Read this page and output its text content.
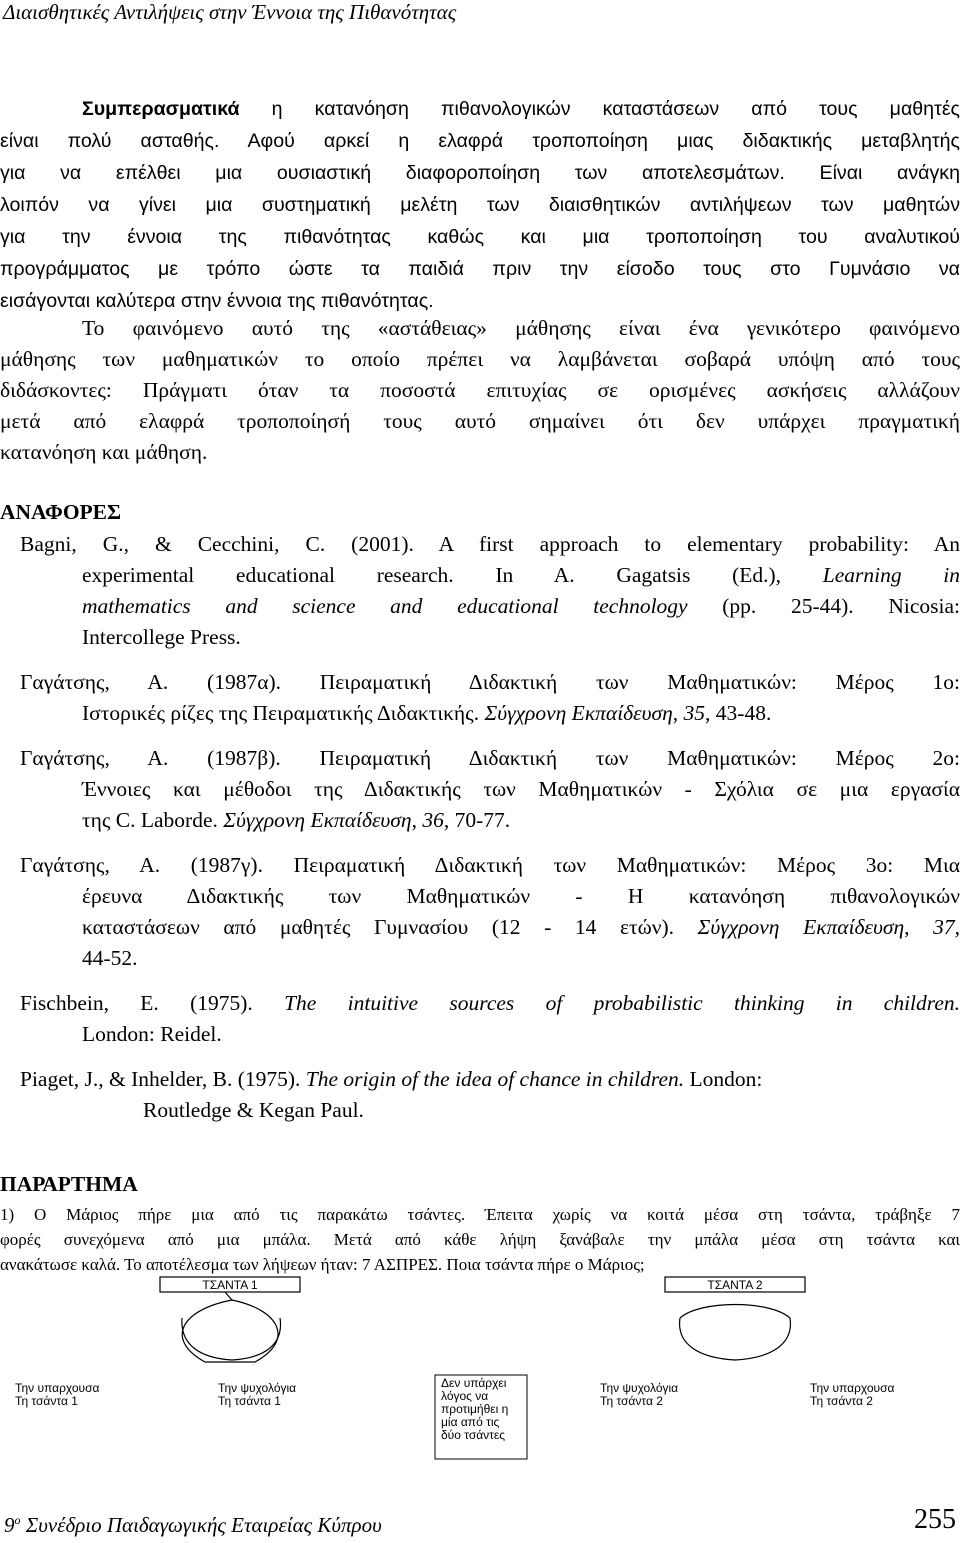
Διαισθητικές Αντιλήψεις στην Έννοια της Πιθανότητας
Συμπερασματικά η κατανόηση πιθανολογικών καταστάσεων από τους μαθητές
είναι πολύ ασταθής. Αφού αρκεί η ελαφρά τροποποίηση μιας διδακτικής μεταβλητής
για να επέλθει μια ουσιαστική διαφοροποίηση των αποτελεσμάτων. Είναι ανάγκη
λοιπόν να γίνει μια συστηματική μελέτη των διαισθητικών αντιλήψεων των μαθητών
για την έννοια της πιθανότητας καθώς και μια τροποποίηση του αναλυτικού
προγράμματος με τρόπο ώστε τα παιδιά πριν την είσοδο τους στο Γυμνάσιο να
εισάγονται καλύτερα στην έννοια της πιθανότητας.
Το φαινόμενο αυτό της «αστάθειας» μάθησης είναι ένα γενικότερο φαινόμενο
μάθησης των μαθηματικών το οποίο πρέπει να λαμβάνεται σοβαρά υπόψη από τους
διδάσκοντες: Πράγματι όταν τα ποσοστά επιτυχίας σε ορισμένες ασκήσεις αλλάζουν
μετά από ελαφρά τροποποίησή τους αυτό σημαίνει ότι δεν υπάρχει πραγματική
κατανόηση και μάθηση.
ΑΝΑΦΟΡΕΣ
Bagni, G., & Cecchini, C. (2001). A first approach to elementary probability: An
experimental educational research. In A. Gagatsis (Ed.), Learning in
mathematics and science and educational technology (pp. 25-44). Nicosia:
Intercollege Press.
Γαγάτσης, Α. (1987α). Πειραματική Διδακτική των Μαθηματικών: Μέρος 1ο:
Ιστορικές ρίζες της Πειραματικής Διδακτικής. Σύγχρονη Εκπαίδευση, 35, 43-48.
Γαγάτσης, Α. (1987β). Πειραματική Διδακτική των Μαθηματικών: Μέρος 2ο:
Έννοιες και μέθοδοι της Διδακτικής των Μαθηματικών - Σχόλια σε μια εργασία
της C. Laborde. Σύγχρονη Εκπαίδευση, 36, 70-77.
Γαγάτσης, Α. (1987γ). Πειραματική Διδακτική των Μαθηματικών: Μέρος 3ο: Μια
έρευνα Διδακτικής των Μαθηματικών - Η κατανόηση πιθανολογικών
καταστάσεων από μαθητές Γυμνασίου (12 - 14 ετών). Σύγχρονη Εκπαίδευση, 37,
44-52.
Fischbein, E. (1975). The intuitive sources of probabilistic thinking in children.
London: Reidel.
Piaget, J., & Inhelder, B. (1975). The origin of the idea of chance in children. London:
Routledge & Kegan Paul.
ΠΑΡΑΡΤΗΜΑ
1) Ο Μάριος πήρε μια από τις παρακάτω τσάντες. Έπειτα χωρίς να κοιτά μέσα στη τσάντα, τράβηξε 7
φορές συνεχόμενα από μια μπάλα. Μετά από κάθε λήψη ξανάβαλε την μπάλα μέσα στη τσάντα και
ανακάτωσε καλά. Το αποτέλεσμα των λήψεων ήταν: 7 ΑΣΠΡΕΣ. Ποια τσάντα πήρε ο Μάριος;
ΤΣΑΝΤΑ 1	ΤΣΑΝΤΑ 2
Την υπαρχουσα
Τη τσάντα 1
Την ψυχολόγια
Τη τσάντα 1
Δεν υπάρχει
λόγος να
προτιμήθει η
μία από τις
δύο τσάντες
Την ψυχολόγια
Τη τσάντα 2
Την υπαρχουσα
Τη τσάντα 2
$9^o$ Συνέδριο Παιδαγωγικής Εταιρείας Κύπρου	255
